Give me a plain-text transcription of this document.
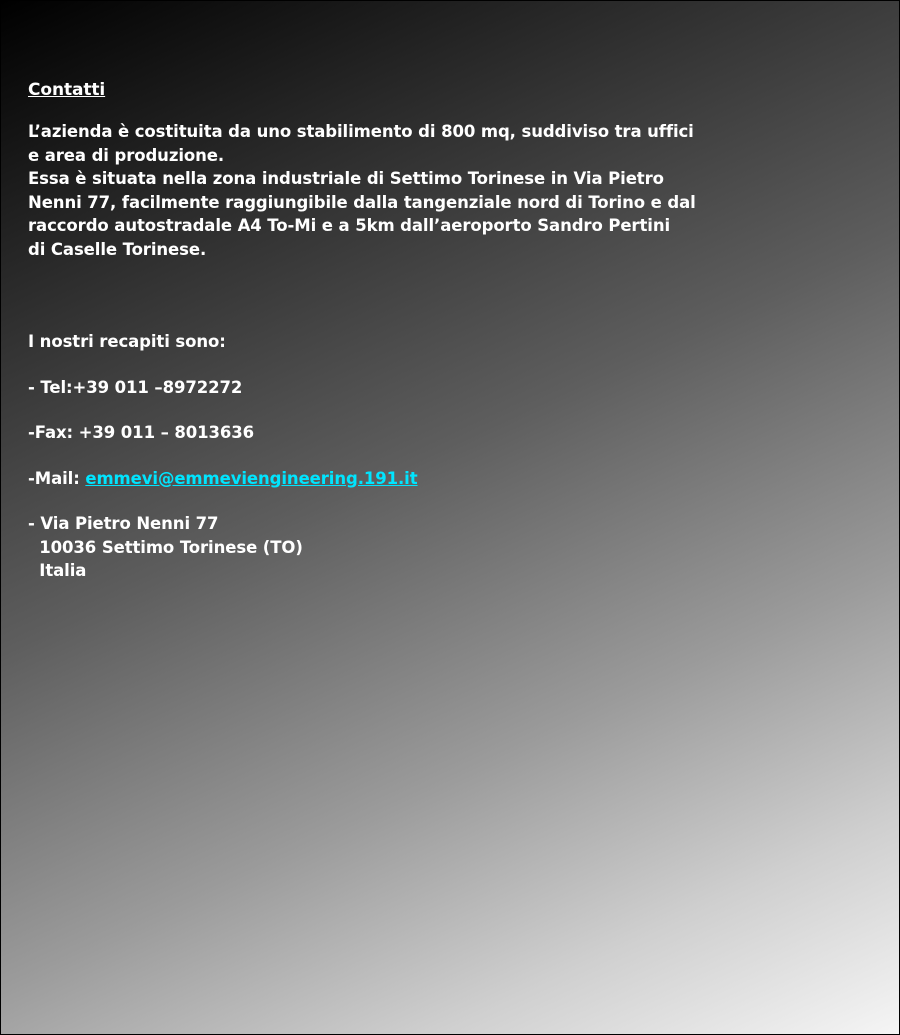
Contatti

L’azienda è costituita da uno stabilimento di 800 mq, suddiviso tra uffici
e area di produzione.
Essa è situata nella zona industriale di Settimo Torinese in Via Pietro
Nenni 77, facilmente raggiungibile dalla tangenziale nord di Torino e dal
raccordo autostradale A4 To-Mi e a 5km dall’aeroporto Sandro Pertini
di Caselle Torinese.

I nostri recapiti sono:

- Tel:+39 011 –8972272

-Fax: +39 011 – 8013636

-Mail: emmevi@emmeviengineering.191.it

- Via Pietro Nenni 77
10036 Settimo Torinese (TO)
Italia
